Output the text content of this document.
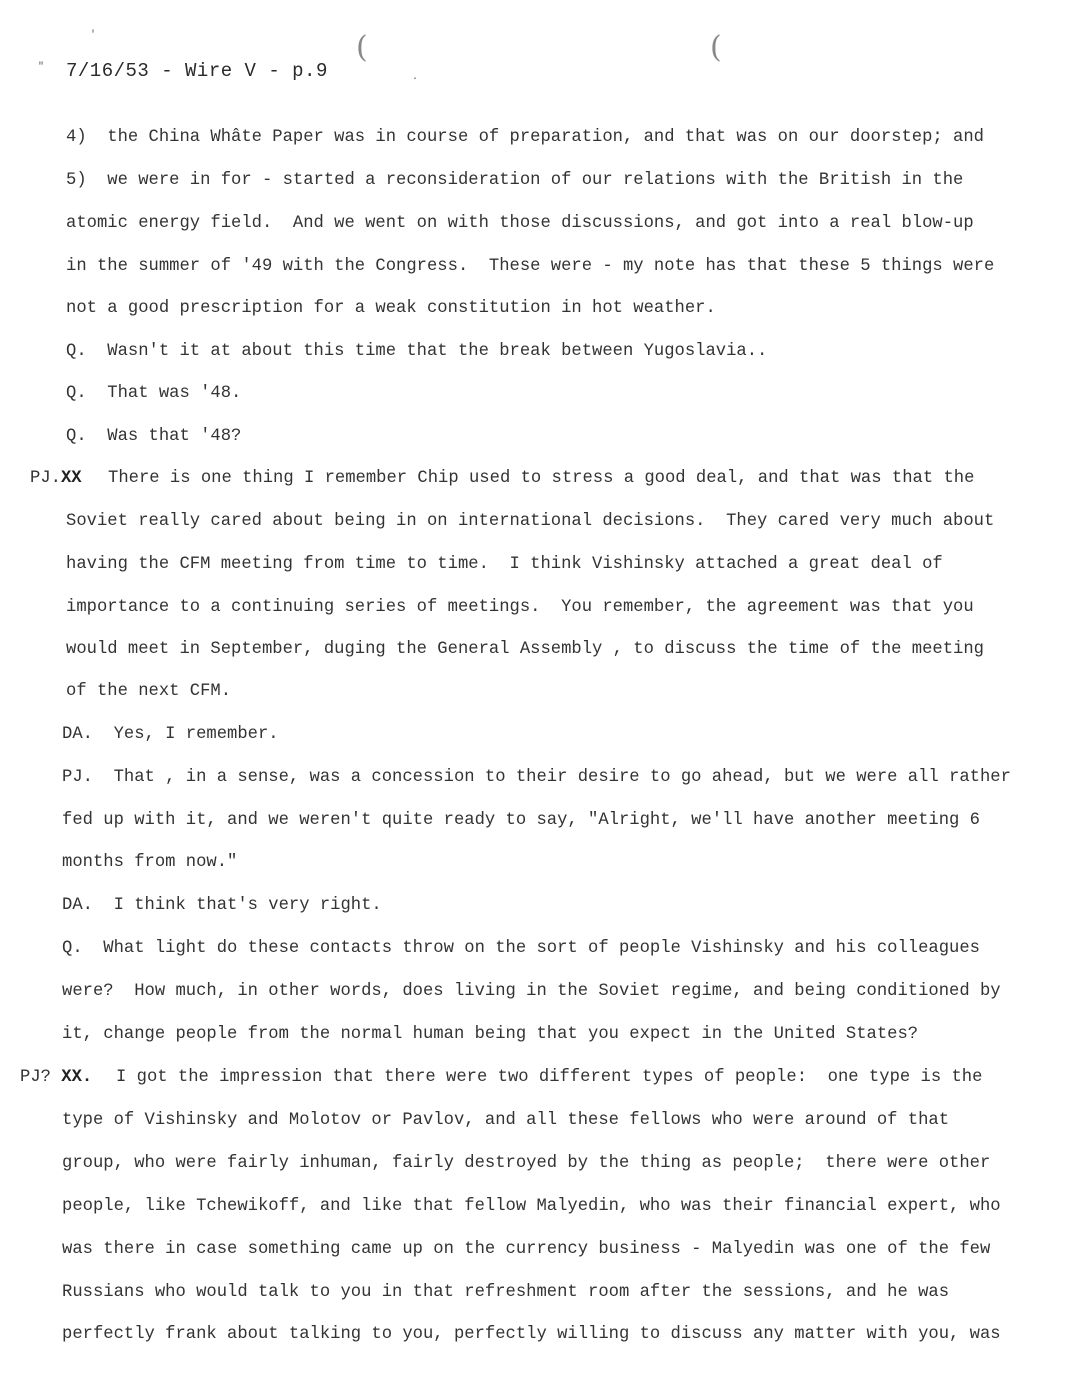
7/16/53 - Wire V - p.9
(	(
'
"
.
4)  the China Whâte Paper was in course of preparation, and that was on our doorstep; and
5)  we were in for - started a reconsideration of our relations with the British in the
atomic energy field.  And we went on with those discussions, and got into a real blow-up
in the summer of '49 with the Congress.  These were - my note has that these 5 things were
not a good prescription for a weak constitution in hot weather.
Q.  Wasn't it at about this time that the break between Yugoslavia..
Q.  That was '48.
Q.  Was that '48?
PJ.XX There is one thing I remember Chip used to stress a good deal, and that was that the
Soviet really cared about being in on international decisions.  They cared very much about
having the CFM meeting from time to time.  I think Vishinsky attached a great deal of
importance to a continuing series of meetings.  You remember, the agreement was that you
would meet in September, duging the General Assembly , to discuss the time of the meeting
of the next CFM.
DA.  Yes, I remember.
PJ.  That , in a sense, was a concession to their desire to go ahead, but we were all rather
fed up with it, and we weren't quite ready to say, "Alright, we'll have another meeting 6
months from now."
DA.  I think that's very right.
Q.  What light do these contacts throw on the sort of people Vishinsky and his colleagues
were?  How much, in other words, does living in the Soviet regime, and being conditioned by
it, change people from the normal human being that you expect in the United States?
PJ? XX. I got the impression that there were two different types of people:  one type is the
type of Vishinsky and Molotov or Pavlov, and all these fellows who were around of that
group, who were fairly inhuman, fairly destroyed by the thing as people;  there were other
people, like Tchewikoff, and like that fellow Malyedin, who was their financial expert, who
was there in case something came up on the currency business - Malyedin was one of the few
Russians who would talk to you in that refreshment room after the sessions, and he was
perfectly frank about talking to you, perfectly willing to discuss any matter with you, was
